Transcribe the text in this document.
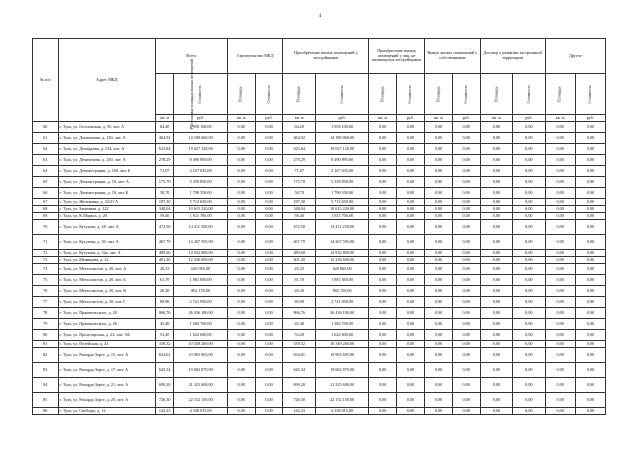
4
№ п/п	Адрес МКД	Всего		Строительство МКД		Приобретение жилых помещений у застройщиков		Приобретение жилых помещений у лиц, не являющихся застройщиком		Выкуп жилых помещений у собственников		Договор о развитии застроенной территории		Другое	
		Расселяемая площадь жилых помещений	Стоимость	Площадь	Стоимость	Площадь	Стоимость	Площадь	Стоимость	Площадь	Стоимость	Площадь	Стоимость	Площадь	Стоимость
		кв. м	руб.	кв. м	руб.	кв. м	руб.	кв. м	руб.	кв. м	руб.	кв. м	руб.	кв. м	руб.
60	г. Тула, ул. Гоголевская, д. 35, лит. А	64,20	1 958 100,00	0,00	0,00	64,20	1 958 100,00	0,00	0,00	0,00	0,00	0,00	0,00	0,00	0,00
61	г. Тула, ул. Демеигьева, д. 130, лит. А	464,92	14 180 060,00	0,00	0,00	464,92	14 180 060,00	0,00	0,00	0,00	0,00	0,00	0,00	0,00	0,00
62	г. Тула, ул. Демидьева, д. 134, лит. А	623,84	19 027 120,00	0,00	0,00	623,84	19 027 120,00	0,00	0,00	0,00	0,00	0,00	0,00	0,00	0,00
63	г. Тула, ул. Демеигьева, д. 230, лит. А	278,29	8 490 895,00	0,00	0,00	278,29	8 490 895,00	0,00	0,00	0,00	0,00	0,00	0,00	0,00	0,00
64	г. Тула, ул. Демонстрации, д. 160, лит. Б	71,07	2 167 635,00	0,00	0,00	71,07	2 167 635,00	0,00	0,00	0,00	0,00	0,00	0,00	0,00	0,00
65	г. Тула, ул. Демонстрации, д. 18, лит. А	175,70	5 358 850,00	0,00	0,00	175,70	5 358 850,00	0,00	0,00	0,00	0,00	0,00	0,00	0,00	0,00
66	г. Тула, ул. Демонстрации, д. 18, лит. Б	58,70	1 790 350,00	0,00	0,00	58,70	1 790 350,00	0,00	0,00	0,00	0,00	0,00	0,00	0,00	0,00
67	г. Тула, ул. Железняка, д. 32/21 А	187,30	5 712 650,00	0,00	0,00	187,30	5 712 650,00	0,00	0,00	0,00	0,00	0,00	0,00	0,00	0,00
68	г. Тула, ул. Замочная, д. 122	348,04	10 615 220,00	0,00	0,00	348,04	10 615 220,00	0,00	0,00	0,00	0,00	0,00	0,00	0,00	0,00
69	г. Тула, ул. К.Маркса, д. 26	59,40	1 811 700,00	0,00	0,00	59,40	1 811 700,00	0,00	0,00	0,00	0,00	0,00	0,00	0,00	0,00
70	г. Тула, ул. Кутузова, д. 28, лит. А	472,50	14 411 250,00	0,00	0,00	472,50	14 411 250,00	0,00	0,00	0,00	0,00	0,00	0,00	0,00	0,00
71	г. Тула, ул. Кутузова, д. 30, лит. А	467,79	14 267 595,00	0,00	0,00	467,79	14 267 595,00	0,00	0,00	0,00	0,00	0,00	0,00	0,00	0,00
72	г. Тула, ул. Кутузова, д. 32а, лит. А	489,60	14 932 800,00	0,00	0,00	489,60	14 932 800,00	0,00	0,00	0,00	0,00	0,00	0,00	0,00	0,00
73	г. Тула, ул. Менищева, д. 22	401,20	12 236 600,00	0,00	0,00	401,20	12 236 600,00	0,00	0,00	0,00	0,00	0,00	0,00	0,00	0,00
74	г. Тула, ул. Металлистов, д. 20, лит. А	20,33	620 065,00	0,00	0,00	20,33	620 065,00	0,00	0,00	0,00	0,00	0,00	0,00	0,00	0,00
75	г. Тула, ул. Металлистов, д. 20, лит. Б	61,70	1 881 850,00	0,00	0,00	61,70	1 881 850,00	0,00	0,00	0,00	0,00	0,00	0,00	0,00	0,00
76	г. Тула, ул. Металлистов, д. 20, лит. В	26,30	802 150,00	0,00	0,00	26,30	802 150,00	0,00	0,00	0,00	0,00	0,00	0,00	0,00	0,00
77	г. Тула, ул. Металлистов, д. 20, лит. Г	89,90	2 741 950,00	0,00	0,00	89,90	2 741 950,00	0,00	0,00	0,00	0,00	0,00	0,00	0,00	0,00
78	г. Тула, ул. Пржевальского, д. 20	866,76	26 436 180,00	0,00	0,00	866,76	26 436 180,00	0,00	0,00	0,00	0,00	0,00	0,00	0,00	0,00
79	г. Тула, ул. Пржевальского, д. 26	45,40	1 384 700,00	0,00	0,00	45,40	1 384 700,00	0,00	0,00	0,00	0,00	0,00	0,00	0,00	0,00
80	г. Тула, ул. Пролетарская, д. 23, лит. АБ	53,20	1 622 600,00	0,00	0,00	53,20	1 622 600,00	0,00	0,00	0,00	0,00	0,00	0,00	0,00	0,00
81	г. Тула, ул. Путейская, д. 43	339,32	10 349 260,00	0,00	0,00	339,32	10 349 260,00	0,00	0,00	0,00	0,00	0,00	0,00	0,00	0,00
82	г. Тула, ул. Рихарда Зорге, д. 15, лит. А	654,61	19 965 605,00	0,00	0,00	654,61	19 965 605,00	0,00	0,00	0,00	0,00	0,00	0,00	0,00	0,00
83	г. Тула, ул. Рихарда Зорге, д. 17, лит. А	645,34	19 682 870,00	0,00	0,00	645,34	19 682 870,00	0,00	0,00	0,00	0,00	0,00	0,00	0,00	0,00
84	г. Тула, ул. Рихарда Зорге, д. 21, лит. А	699,20	21 325 600,00	0,00	0,00	699,20	21 325 600,00	0,00	0,00	0,00	0,00	0,00	0,00	0,00	0,00
85	г. Тула, ул. Рихарда Зорге, д. 25, лит. А	726,30	22 152 150,00	0,00	0,00	726,30	22 152 150,00	0,00	0,00	0,00	0,00	0,00	0,00	0,00	0,00
86	г. Тула, ул. Свободы, д. 12	142,23	4 338 015,00	0,00	0,00	142,23	4 338 015,00	0,00	0,00	0,00	0,00	0,00	0,00	0,00	0,00
